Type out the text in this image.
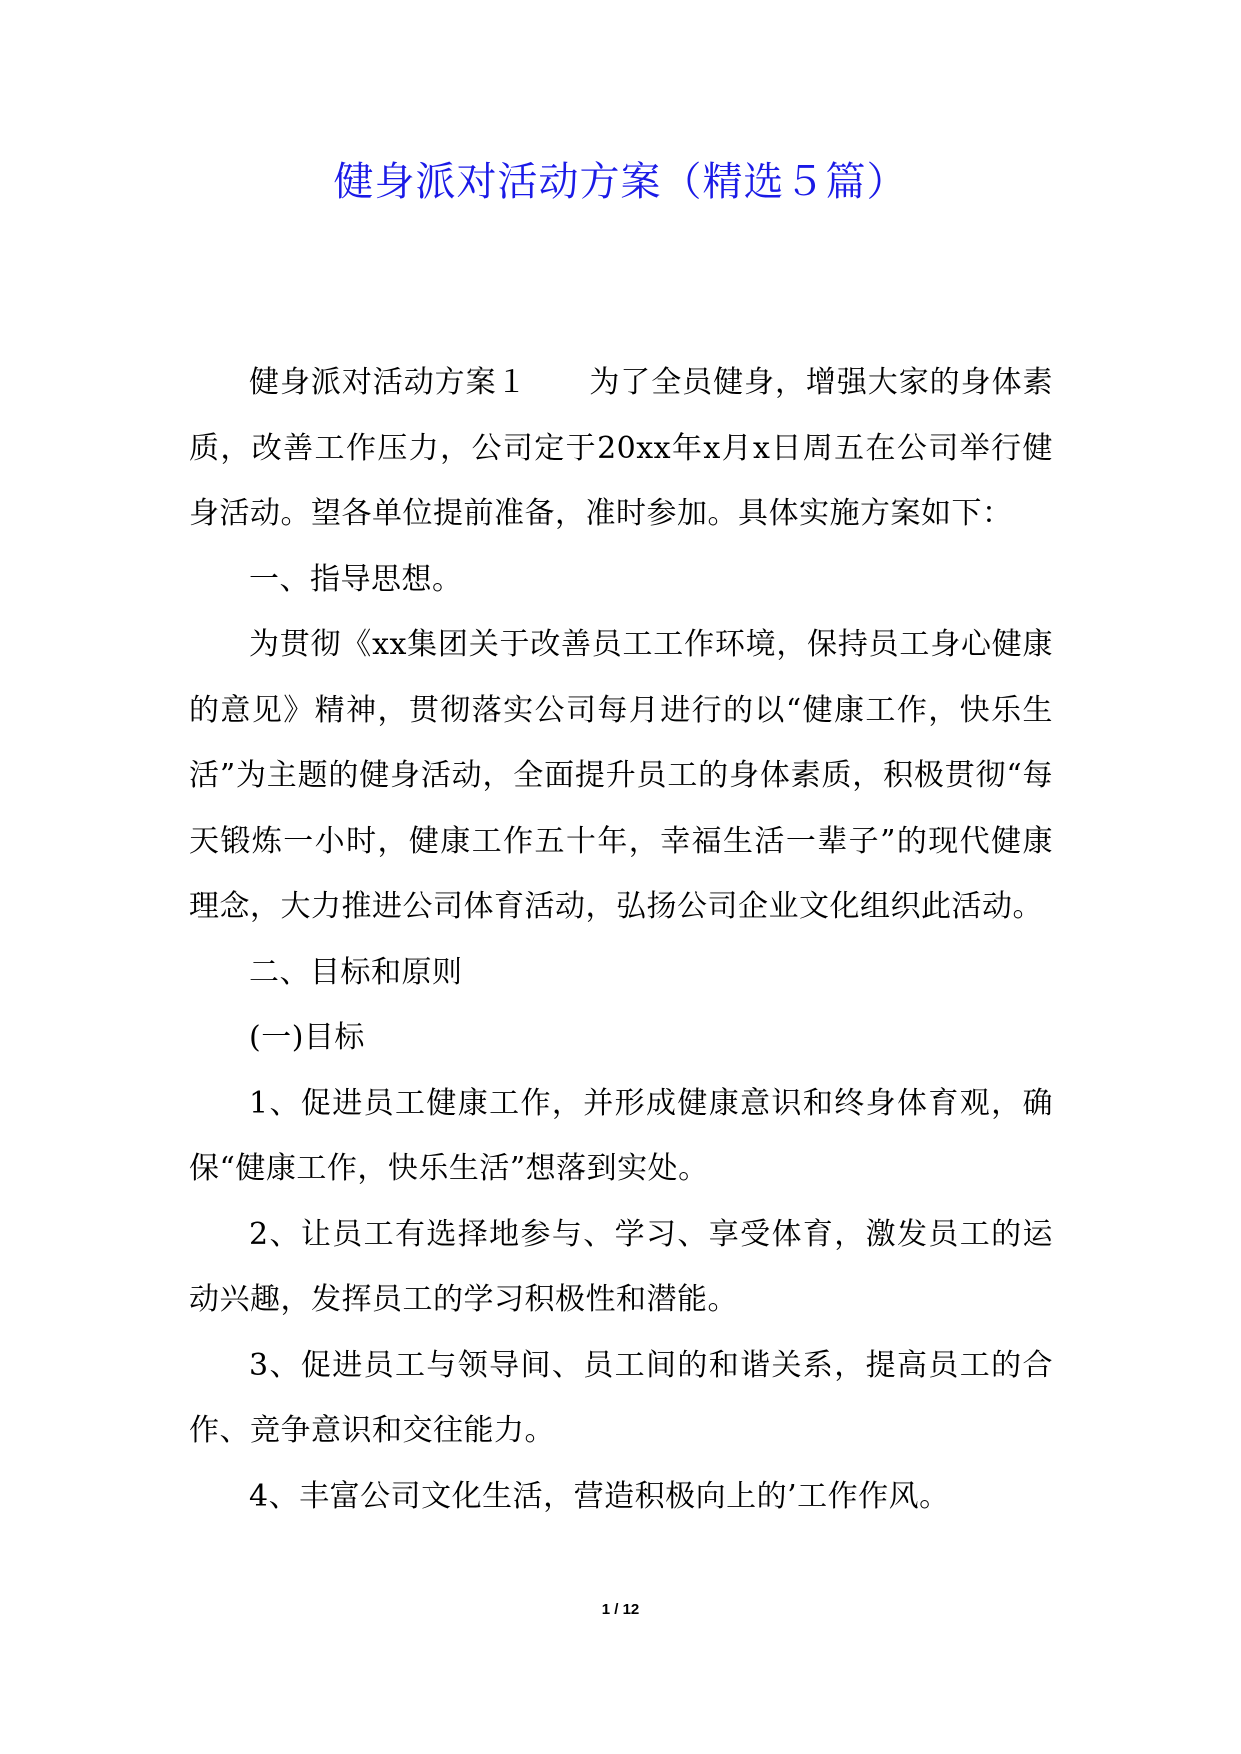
健身派对活动方案（精选５篇）

健身派对活动方案１　　为了全员健身，增强大家的身体素质，改善工作压力，公司定于20xx年x月x日周五在公司举行健身活动。望各单位提前准备，准时参加。具体实施方案如下：

一、指导思想。

为贯彻《xx集团关于改善员工工作环境，保持员工身心健康的意见》精神，贯彻落实公司每月进行的以“健康工作，快乐生活”为主题的健身活动，全面提升员工的身体素质，积极贯彻“每天锻炼一小时，健康工作五十年，幸福生活一辈子”的现代健康理念，大力推进公司体育活动，弘扬公司企业文化组织此活动。

二、目标和原则

(一)目标

1、促进员工健康工作，并形成健康意识和终身体育观，确保“健康工作，快乐生活”想落到实处。

2、让员工有选择地参与、学习、享受体育，激发员工的运动兴趣，发挥员工的学习积极性和潜能。

3、促进员工与领导间、员工间的和谐关系，提高员工的合作、竞争意识和交往能力。

4、丰富公司文化生活，营造积极向上的’工作作风。

1 / 12
